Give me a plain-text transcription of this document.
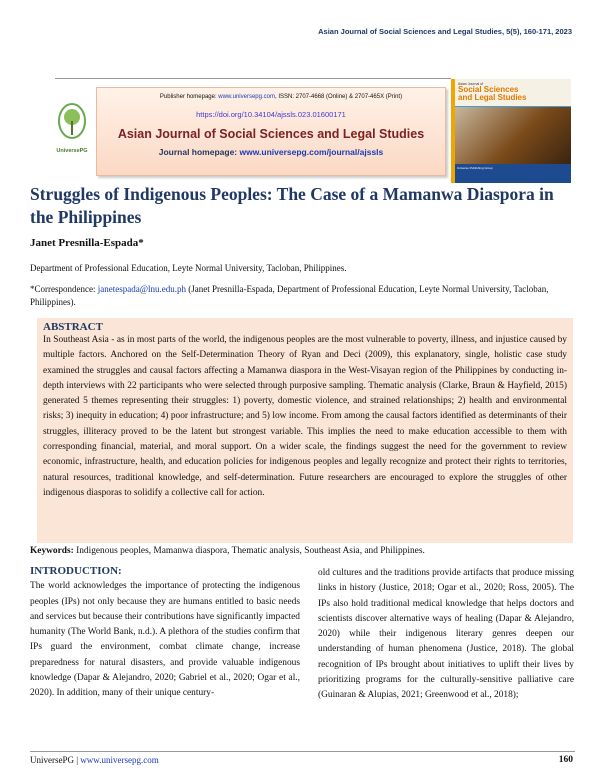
Asian Journal of Social Sciences and Legal Studies, 5(5), 160-171, 2023
UniversePG
Publisher homepage: www.universepg.com, ISSN: 2707-4668 (Online) & 2707-465X (Print)
https://doi.org/10.34104/ajssls.023.01600171
Asian Journal of Social Sciences and Legal Studies
Journal homepage: www.universepg.com/journal/ajssls
Asian Journal of
Social Sciences
and Legal Studies
Universe Publishing Group
Struggles of Indigenous Peoples: The Case of a Mamanwa Diaspora in the Philippines
Janet Presnilla-Espada*
Department of Professional Education, Leyte Normal University, Tacloban, Philippines.
*Correspondence: janetespada@lnu.edu.ph (Janet Presnilla-Espada, Department of Professional Education, Leyte Normal University, Tacloban, Philippines).
ABSTRACT

In Southeast Asia - as in most parts of the world, the indigenous peoples are the most vulnerable to poverty, illness, and injustice caused by multiple factors. Anchored on the Self-Determination Theory of Ryan and Deci (2009), this explanatory, single, holistic case study examined the struggles and causal factors affecting a Mamanwa diaspora in the West-Visayan region of the Philippines by conducting in-depth interviews with 22 participants who were selected through purposive sampling. Thematic analysis (Clarke, Braun & Hayfield, 2015) generated 5 themes representing their struggles: 1) poverty, domestic violence, and strained relationships; 2) health and environmental risks; 3) inequity in education; 4) poor infrastructure; and 5) low income. From among the causal factors identified as determinants of their struggles, illiteracy proved to be the latent but strongest variable. This implies the need to make education accessible to them with corresponding financial, material, and moral support. On a wider scale, the findings suggest the need for the government to review economic, infrastructure, health, and education policies for indigenous peoples and legally recognize and protect their rights to territories, natural resources, traditional knowledge, and self-determination. Future researchers are encouraged to explore the struggles of other indigenous diasporas to solidify a collective call for action.

Keywords: Indigenous peoples, Mamanwa diaspora, Thematic analysis, Southeast Asia, and Philippines.
INTRODUCTION:

The world acknowledges the importance of protecting the indigenous peoples (IPs) not only because they are humans entitled to basic needs and services but because their contributions have significantly impacted humanity (The World Bank, n.d.). A plethora of the studies confirm that IPs guard the environment, combat climate change, increase preparedness for natural disasters, and provide valuable indigenous knowledge (Dapar & Alejandro, 2020; Gabriel et al., 2020; Ogar et al., 2020). In addition, many of their unique century-

old cultures and the traditions provide artifacts that produce missing links in history (Justice, 2018; Ogar et al., 2020; Ross, 2005). The IPs also hold traditional medical knowledge that helps doctors and scientists discover alternative ways of healing (Dapar & Alejandro, 2020) while their indigenous literary genres deepen our understanding of human phenomena (Justice, 2018). The global recognition of IPs brought about initiatives to uplift their lives by prioritizing programs for the culturally-sensitive palliative care (Guinaran & Alupias, 2021; Greenwood et al., 2018);

UniversePG | www.universepg.com	160
